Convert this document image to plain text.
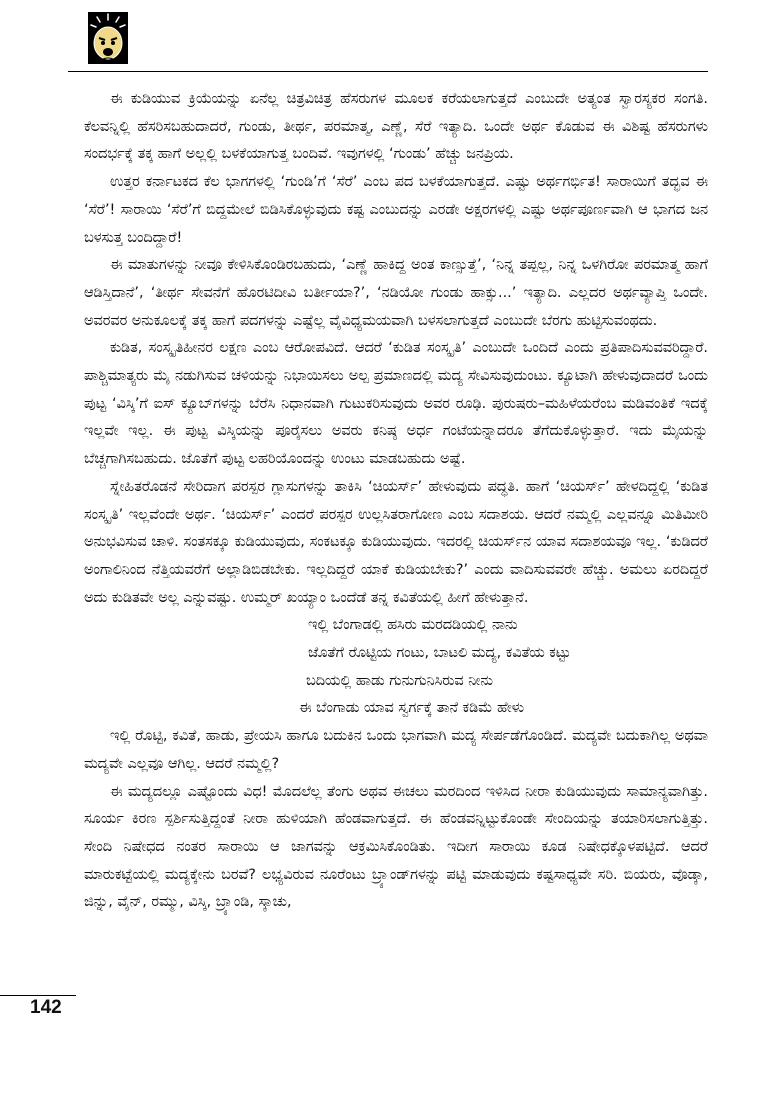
ಈ ಕುಡಿಯುವ ಕ್ರಿಯೆಯನ್ನು ಏನೆಲ್ಲ ಚಿತ್ರವಿಚಿತ್ರ ಹೆಸರುಗಳ ಮೂಲಕ ಕರೆಯಲಾಗುತ್ತದೆ ಎಂಬುದೇ ಅತ್ಯಂತ ಸ್ವಾರಸ್ಯಕರ ಸಂಗತಿ. ಕೆಲವನ್ನಿಲ್ಲಿ ಹೆಸರಿಸಬಹುದಾದರೆ, ಗುಂಡು, ತೀರ್ಥ, ಪರಮಾತ್ಮ, ಎಣ್ಣೆ, ಸೆರೆ ಇತ್ಯಾದಿ. ಒಂದೇ ಅರ್ಥ ಕೊಡುವ ಈ ವಿಶಿಷ್ಟ ಹೆಸರುಗಳು ಸಂದರ್ಭಕ್ಕೆ ತಕ್ಕ ಹಾಗೆ ಅಲ್ಲಲ್ಲಿ ಬಳಕೆಯಾಗುತ್ತ ಬಂದಿವೆ. ಇವುಗಳಲ್ಲಿ ‘ಗುಂಡು’ ಹೆಚ್ಚು ಜನಪ್ರಿಯ.

ಉತ್ತರ ಕರ್ನಾಟಕದ ಕೆಲ ಭಾಗಗಳಲ್ಲಿ ‘ಗುಂಡಿ’ಗೆ ‘ಸೆರೆ’ ಎಂಬ ಪದ ಬಳಕೆಯಾಗುತ್ತದೆ. ಎಷ್ಟು ಅರ್ಥಗರ್ಭಿತ! ಸಾರಾಯಿಗೆ ತದ್ಭವ ಈ ‘ಸೆರೆ’! ಸಾರಾಯಿ ‘ಸೆರೆ’ಗೆ ಬಿದ್ದಮೇಲೆ ಬಿಡಿಸಿಕೊಳ್ಳುವುದು ಕಷ್ಟ ಎಂಬುದನ್ನು ಎರಡೇ ಅಕ್ಷರಗಳಲ್ಲಿ ಎಷ್ಟು ಅರ್ಥಪೂರ್ಣವಾಗಿ ಆ ಭಾಗದ ಜನ ಬಳಸುತ್ತ ಬಂದಿದ್ದಾರೆ!

ಈ ಮಾತುಗಳನ್ನು ನೀವೂ ಕೇಳಿಸಿಕೊಂಡಿರಬಹುದು, ‘ಎಣ್ಣೆ ಹಾಕಿದ್ದ ಅಂತ ಕಾಣ್ಸುತ್ತೆ’, ‘ನಿನ್ನ ತಪ್ಪಲ್ಲ, ನಿನ್ನ ಒಳಗಿರೋ ಪರಮಾತ್ಮ ಹಾಗೆ ಆಡಿಸ್ತಿದಾನೆ’, ‘ತೀರ್ಥ ಸೇವನೆಗೆ ಹೊರಟಿದೀವಿ ಬರ್ತೀಯಾ?’, ‘ನಡಿಯೋ ಗುಂಡು ಹಾಕ್ಸು...’ ಇತ್ಯಾದಿ. ಎಲ್ಲದರ ಅರ್ಥವ್ಯಾಪ್ತಿ ಒಂದೇ. ಅವರವರ ಅನುಕೂಲಕ್ಕೆ ತಕ್ಕ ಹಾಗೆ ಪದಗಳನ್ನು ಎಷ್ಟೆಲ್ಲ ವೈವಿಧ್ಯಮಯವಾಗಿ ಬಳಸಲಾಗುತ್ತದೆ ಎಂಬುದೇ ಬೆರಗು ಹುಟ್ಟಿಸುವಂಥದು.

ಕುಡಿತ, ಸಂಸ್ಕೃತಿಹೀನರ ಲಕ್ಷಣ ಎಂಬ ಆರೋಪವಿದೆ. ಆದರೆ ‘ಕುಡಿತ ಸಂಸ್ಕೃತಿ’ ಎಂಬುದೇ ಒಂದಿದೆ ಎಂದು ಪ್ರತಿಪಾದಿಸುವವರಿದ್ದಾರೆ. ಪಾಶ್ಚಿಮಾತ್ಯರು ಮೈ ನಡುಗಿಸುವ ಚಳಿಯನ್ನು ನಿಭಾಯಿಸಲು ಅಲ್ಪ ಪ್ರಮಾಣದಲ್ಲಿ ಮದ್ಯ ಸೇವಿಸುವುದುಂಟು. ಕ್ಯೂಟಾಗಿ ಹೇಳುವುದಾದರೆ ಒಂದು ಪುಟ್ಟ ‘ವಿಸ್ಕಿ’ಗೆ ಐಸ್ ಕ್ಯೂಬ್‌ಗಳನ್ನು ಬೆರೆಸಿ ನಿಧಾನವಾಗಿ ಗುಟುಕರಿಸುವುದು ಅವರ ರೂಢಿ. ಪುರುಷರು–ಮಹಿಳೆಯರೆಂಬ ಮಡಿವಂತಿಕೆ ಇದಕ್ಕೆ ಇಲ್ಲವೇ ಇಲ್ಲ. ಈ ಪುಟ್ಟ ವಿಸ್ಕಿಯನ್ನು ಪೂರೈಸಲು ಅವರು ಕನಿಷ್ಠ ಅರ್ಧ ಗಂಟೆಯನ್ನಾದರೂ ತೆಗೆದುಕೊಳ್ಳುತ್ತಾರೆ. ಇದು ಮೈಯನ್ನು ಬೆಚ್ಚಗಾಗಿಸಬಹುದು. ಜೊತೆಗೆ ಪುಟ್ಟ ಲಹರಿಯೊಂದನ್ನು ಉಂಟು ಮಾಡಬಹುದು ಅಷ್ಟೆ.

ಸ್ನೇಹಿತರೊಡನೆ ಸೇರಿದಾಗ ಪರಸ್ಪರ ಗ್ಲಾಸುಗಳನ್ನು ತಾಕಿಸಿ ‘ಚಿಯರ್ಸ್’ ಹೇಳುವುದು ಪದ್ಧತಿ. ಹಾಗೆ ‘ಚಿಯರ್ಸ್’ ಹೇಳದಿದ್ದಲ್ಲಿ ‘ಕುಡಿತ ಸಂಸ್ಕೃತಿ’ ಇಲ್ಲವೆಂದೇ ಅರ್ಥ. ‘ಚಿಯರ್ಸ್’ ಎಂದರೆ ಪರಸ್ಪರ ಉಲ್ಲಸಿತರಾಗೋಣ ಎಂಬ ಸದಾಶಯ. ಆದರೆ ನಮ್ಮಲ್ಲಿ ಎಲ್ಲವನ್ನೂ ಮಿತಿಮೀರಿ ಅನುಭವಿಸುವ ಚಾಳಿ. ಸಂತಸಕ್ಕೂ ಕುಡಿಯುವುದು, ಸಂಕಟಕ್ಕೂ ಕುಡಿಯುವುದು. ಇದರಲ್ಲಿ ಚಿಯರ್ಸ್‌ನ ಯಾವ ಸದಾಶಯವೂ ಇಲ್ಲ. ‘ಕುಡಿದರೆ ಅಂಗಾಲಿನಿಂದ ನೆತ್ತಿಯವರೆಗೆ ಅಲ್ಲಾಡಿಬಿಡಬೇಕು. ಇಲ್ಲದಿದ್ದರೆ ಯಾಕೆ ಕುಡಿಯಬೇಕು?’ ಎಂದು ವಾದಿಸುವವರೇ ಹೆಚ್ಚು. ಅಮಲು ಏರದಿದ್ದರೆ ಅದು ಕುಡಿತವೇ ಅಲ್ಲ ಎನ್ನುವಷ್ಟು. ಉಮ್ಮರ್ ಖಯ್ಯಾಂ ಒಂದೆಡೆ ತನ್ನ ಕವಿತೆಯಲ್ಲಿ ಹೀಗೆ ಹೇಳುತ್ತಾನೆ.

ಇಲ್ಲಿ ಬೆಂಗಾಡಲ್ಲಿ ಹಸಿರು ಮರದಡಿಯಲ್ಲಿ ನಾನು
ಜೊತೆಗೆ ರೊಟ್ಟಿಯ ಗಂಟು, ಬಾಟಲಿ ಮದ್ಯ, ಕವಿತೆಯ ಕಟ್ಟು
ಬದಿಯಲ್ಲಿ ಹಾಡು ಗುನುಗುನಿಸಿರುವ ನೀನು
ಈ ಬೆಂಗಾಡು ಯಾವ ಸ್ವರ್ಗಕ್ಕೆ ತಾನೆ ಕಡಿಮೆ ಹೇಳು

ಇಲ್ಲಿ ರೊಟ್ಟಿ, ಕವಿತೆ, ಹಾಡು, ಪ್ರೇಯಸಿ ಹಾಗೂ ಬದುಕಿನ ಒಂದು ಭಾಗವಾಗಿ ಮದ್ಯ ಸೇರ್ಪಡೆಗೊಂಡಿದೆ. ಮದ್ಯವೇ ಬದುಕಾಗಿಲ್ಲ ಅಥವಾ ಮದ್ಯವೇ ಎಲ್ಲವೂ ಆಗಿಲ್ಲ. ಆದರೆ ನಮ್ಮಲ್ಲಿ?

ಈ ಮದ್ಯದಲ್ಲೂ ಎಷ್ಟೊಂದು ವಿಧ! ಮೊದಲೆಲ್ಲ ತೆಂಗು ಅಥವ ಈಚಲು ಮರದಿಂದ ಇಳಿಸಿದ ನೀರಾ ಕುಡಿಯುವುದು ಸಾಮಾನ್ಯವಾಗಿತ್ತು. ಸೂರ್ಯ ಕಿರಣ ಸ್ಪರ್ಶಿಸುತ್ತಿದ್ದಂತೆ ನೀರಾ ಹುಳಿಯಾಗಿ ಹೆಂಡವಾಗುತ್ತದೆ. ಈ ಹೆಂಡವನ್ನಿಟ್ಟುಕೊಂಡೇ ಸೇಂದಿಯನ್ನು ತಯಾರಿಸಲಾಗುತ್ತಿತ್ತು. ಸೇಂದಿ ನಿಷೇಧದ ನಂತರ ಸಾರಾಯಿ ಆ ಜಾಗವನ್ನು ಆಕ್ರಮಿಸಿಕೊಂಡಿತು. ಇದೀಗ ಸಾರಾಯಿ ಕೂಡ ನಿಷೇಧಕ್ಕೊಳಪಟ್ಟಿದೆ. ಆದರೆ ಮಾರುಕಟ್ಟೆಯಲ್ಲಿ ಮದ್ಯಕ್ಕೇನು ಬರವೆ? ಲಭ್ಯವಿರುವ ನೂರೆಂಟು ಬ್ರ್ಯಾಂಡ್‌ಗಳನ್ನು ಪಟ್ಟಿ ಮಾಡುವುದು ಕಷ್ಟಸಾಧ್ಯವೇ ಸರಿ. ಬಿಯರು, ವೊಡ್ಕಾ, ಜಿನ್ನು, ವೈನ್, ರಮ್ಮು, ವಿಸ್ಕಿ, ಬ್ರ್ಯಾಂಡಿ, ಸ್ಕಾಚು,

142
